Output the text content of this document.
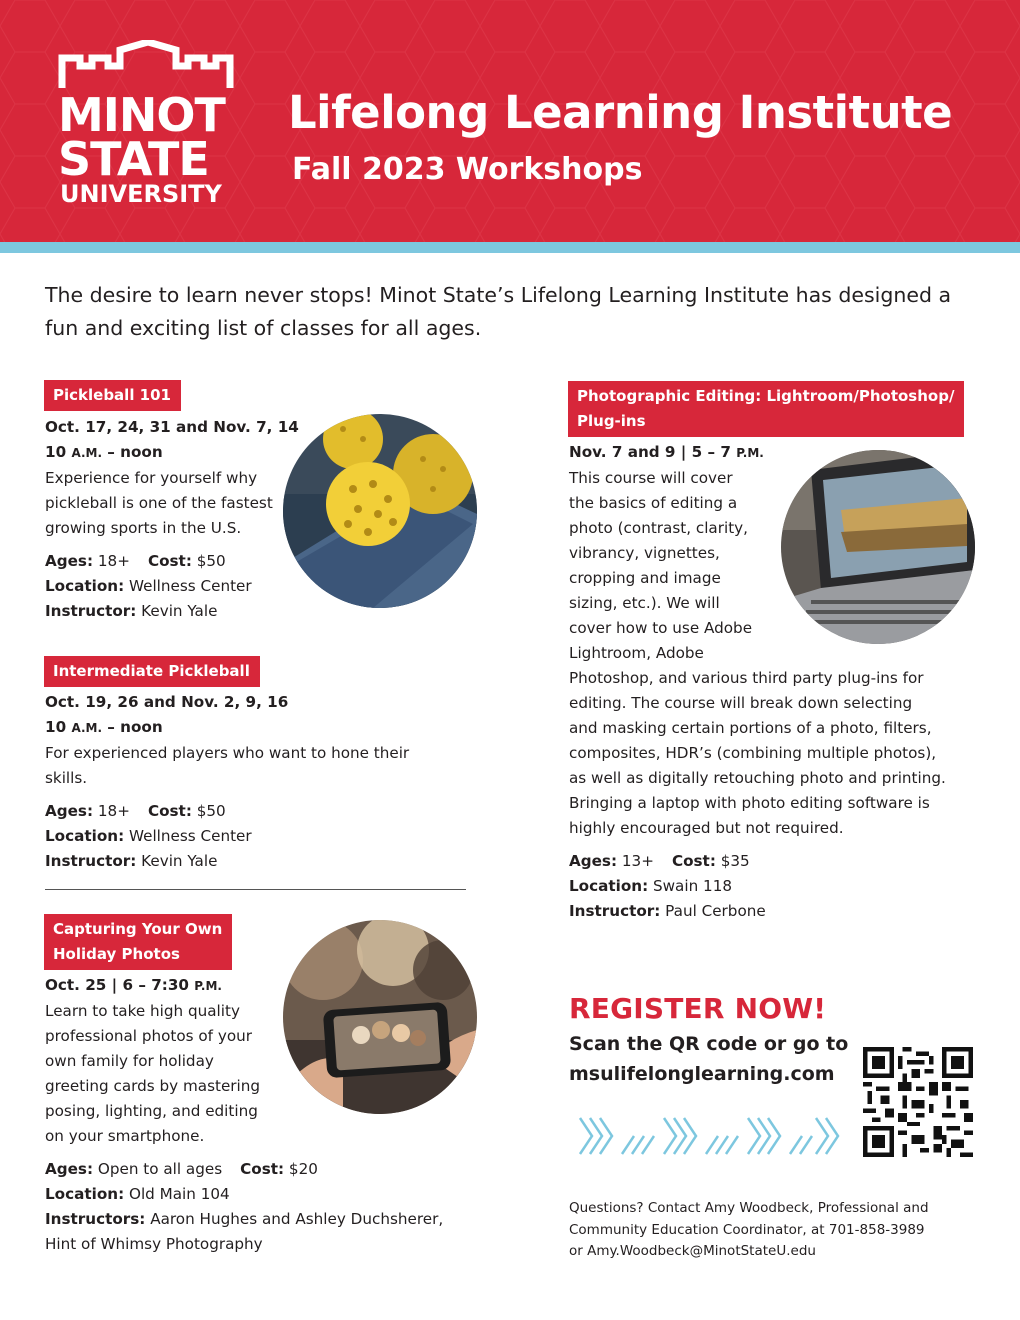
MINOT
STATE
UNIVERSITY
Lifelong Learning Institute
Fall 2023 Workshops
The desire to learn never stops! Minot State’s Lifelong Learning Institute has designed a fun and exciting list of classes for all ages.
Pickleball 101
Oct. 17, 24, 31 and Nov. 7, 14
10 A.M. – noon
Experience for yourself why
pickleball is one of the fastest
growing sports in the U.S.
Ages: 18+ Cost: $50
Location: Wellness Center
Instructor: Kevin Yale
Intermediate Pickleball
Oct. 19, 26 and Nov. 2, 9, 16
10 A.M. – noon
For experienced players who want to hone their
skills.
Ages: 18+ Cost: $50
Location: Wellness Center
Instructor: Kevin Yale
Capturing Your Own
Holiday Photos
Oct. 25 | 6 – 7:30 P.M.
Learn to take high quality
professional photos of your
own family for holiday
greeting cards by mastering
posing, lighting, and editing
on your smartphone.
Ages: Open to all ages Cost: $20
Location: Old Main 104
Instructors: Aaron Hughes and Ashley Duchsherer,
Hint of Whimsy Photography
Photographic Editing: Lightroom/Photoshop/
Plug-ins
Nov. 7 and 9 | 5 – 7 P.M.
This course will cover
the basics of editing a
photo (contrast, clarity,
vibrancy, vignettes,
cropping and image
sizing, etc.). We will
cover how to use Adobe
Lightroom, Adobe
Photoshop, and various third party plug-ins for
editing. The course will break down selecting
and masking certain portions of a photo, filters,
composites, HDR’s (combining multiple photos),
as well as digitally retouching photo and printing.
Bringing a laptop with photo editing software is
highly encouraged but not required.
Ages: 13+ Cost: $35
Location: Swain 118
Instructor: Paul Cerbone
REGISTER NOW!
Scan the QR code or go to
msulifelonglearning.com
Questions? Contact Amy Woodbeck, Professional and
Community Education Coordinator, at 701-858-3989
or Amy.Woodbeck@MinotStateU.edu
